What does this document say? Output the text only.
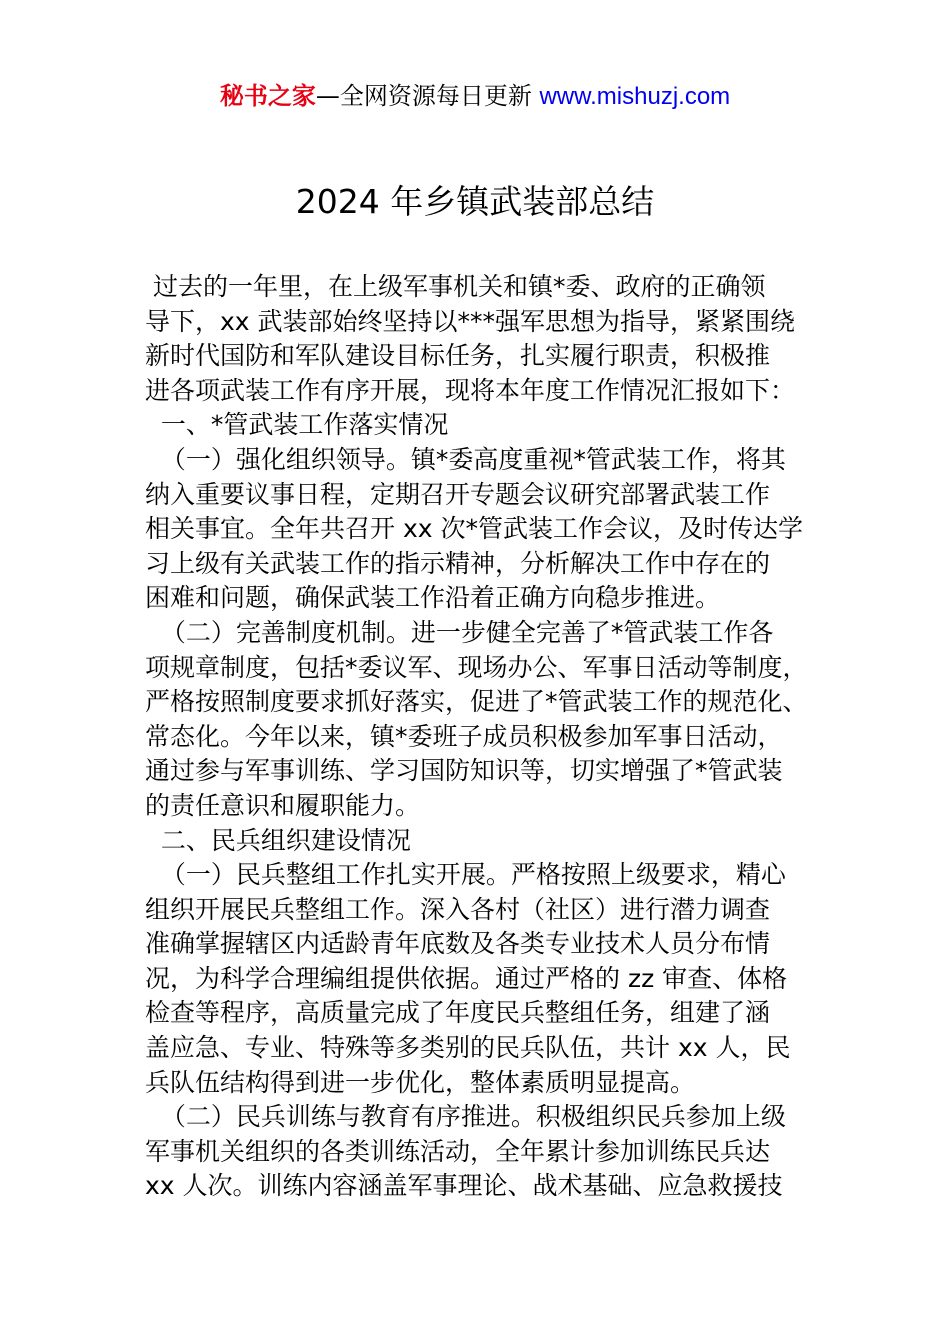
秘书之家—全网资源每日更新 www.mishuzj.com
2024 年乡镇武装部总结
过去的一年里，在上级军事机关和镇*委、政府的正确领
导下，xx 武装部始终坚持以***强军思想为指导，紧紧围绕
新时代国防和军队建设目标任务，扎实履行职责，积极推
进各项武装工作有序开展，现将本年度工作情况汇报如下：
一、*管武装工作落实情况
（一）强化组织领导。镇*委高度重视*管武装工作，将其
纳入重要议事日程，定期召开专题会议研究部署武装工作
相关事宜。全年共召开 xx 次*管武装工作会议，及时传达学
习上级有关武装工作的指示精神，分析解决工作中存在的
困难和问题，确保武装工作沿着正确方向稳步推进。
（二）完善制度机制。进一步健全完善了*管武装工作各
项规章制度，包括*委议军、现场办公、军事日活动等制度，
严格按照制度要求抓好落实，促进了*管武装工作的规范化、
常态化。今年以来，镇*委班子成员积极参加军事日活动，
通过参与军事训练、学习国防知识等，切实增强了*管武装
的责任意识和履职能力。
二、民兵组织建设情况
（一）民兵整组工作扎实开展。严格按照上级要求，精心
组织开展民兵整组工作。深入各村（社区）进行潜力调查
准确掌握辖区内适龄青年底数及各类专业技术人员分布情
况，为科学合理编组提供依据。通过严格的 zz 审查、体格
检查等程序，高质量完成了年度民兵整组任务，组建了涵
盖应急、专业、特殊等多类别的民兵队伍，共计 xx 人，民
兵队伍结构得到进一步优化，整体素质明显提高。
（二）民兵训练与教育有序推进。积极组织民兵参加上级
军事机关组织的各类训练活动，全年累计参加训练民兵达
xx 人次。训练内容涵盖军事理论、战术基础、应急救援技
